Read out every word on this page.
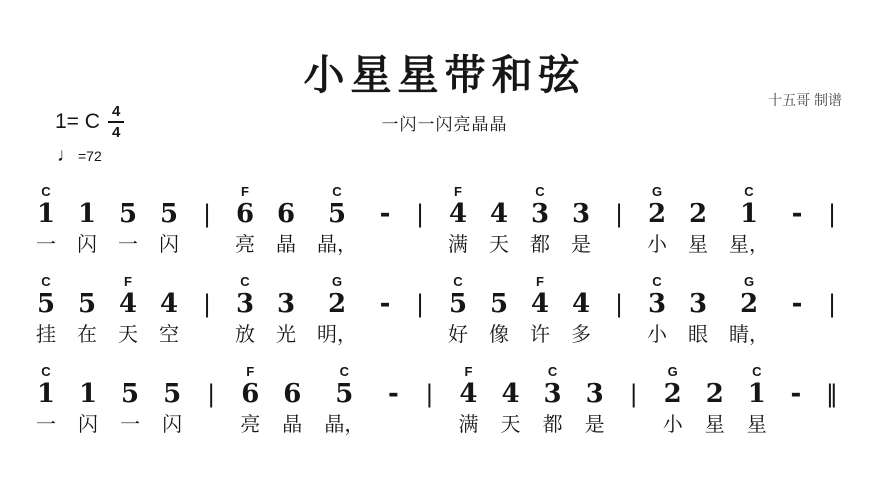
小星星带和弦
十五哥 制谱
1= C $\frac{4}{4}$	一闪一闪亮晶晶
♩ =72
C
1
一
1
闪
5
一
5
闪
|
F
6
亮
6
晶
C
5
晶，
- |
F
4
满
4
天
C
3
都
3
是
|
G
2
小
2
星
C
1
星，
- |
C
5
挂
5
在
F
4
天
4
空
|
C
3
放
3
光
G
2
明，
- |
C
5
好
5
像
F
4
许
4
多
|
C
3
小
3
眼
G
2
睛，
- |
C
1
一
1
闪
5
一
5
闪
|
F
6
亮
6
晶
C
5
晶，
- |
F
4
满
4
天
C
3
都
3
是
|
G
2
小
2
星
C
1
星
- ‖
